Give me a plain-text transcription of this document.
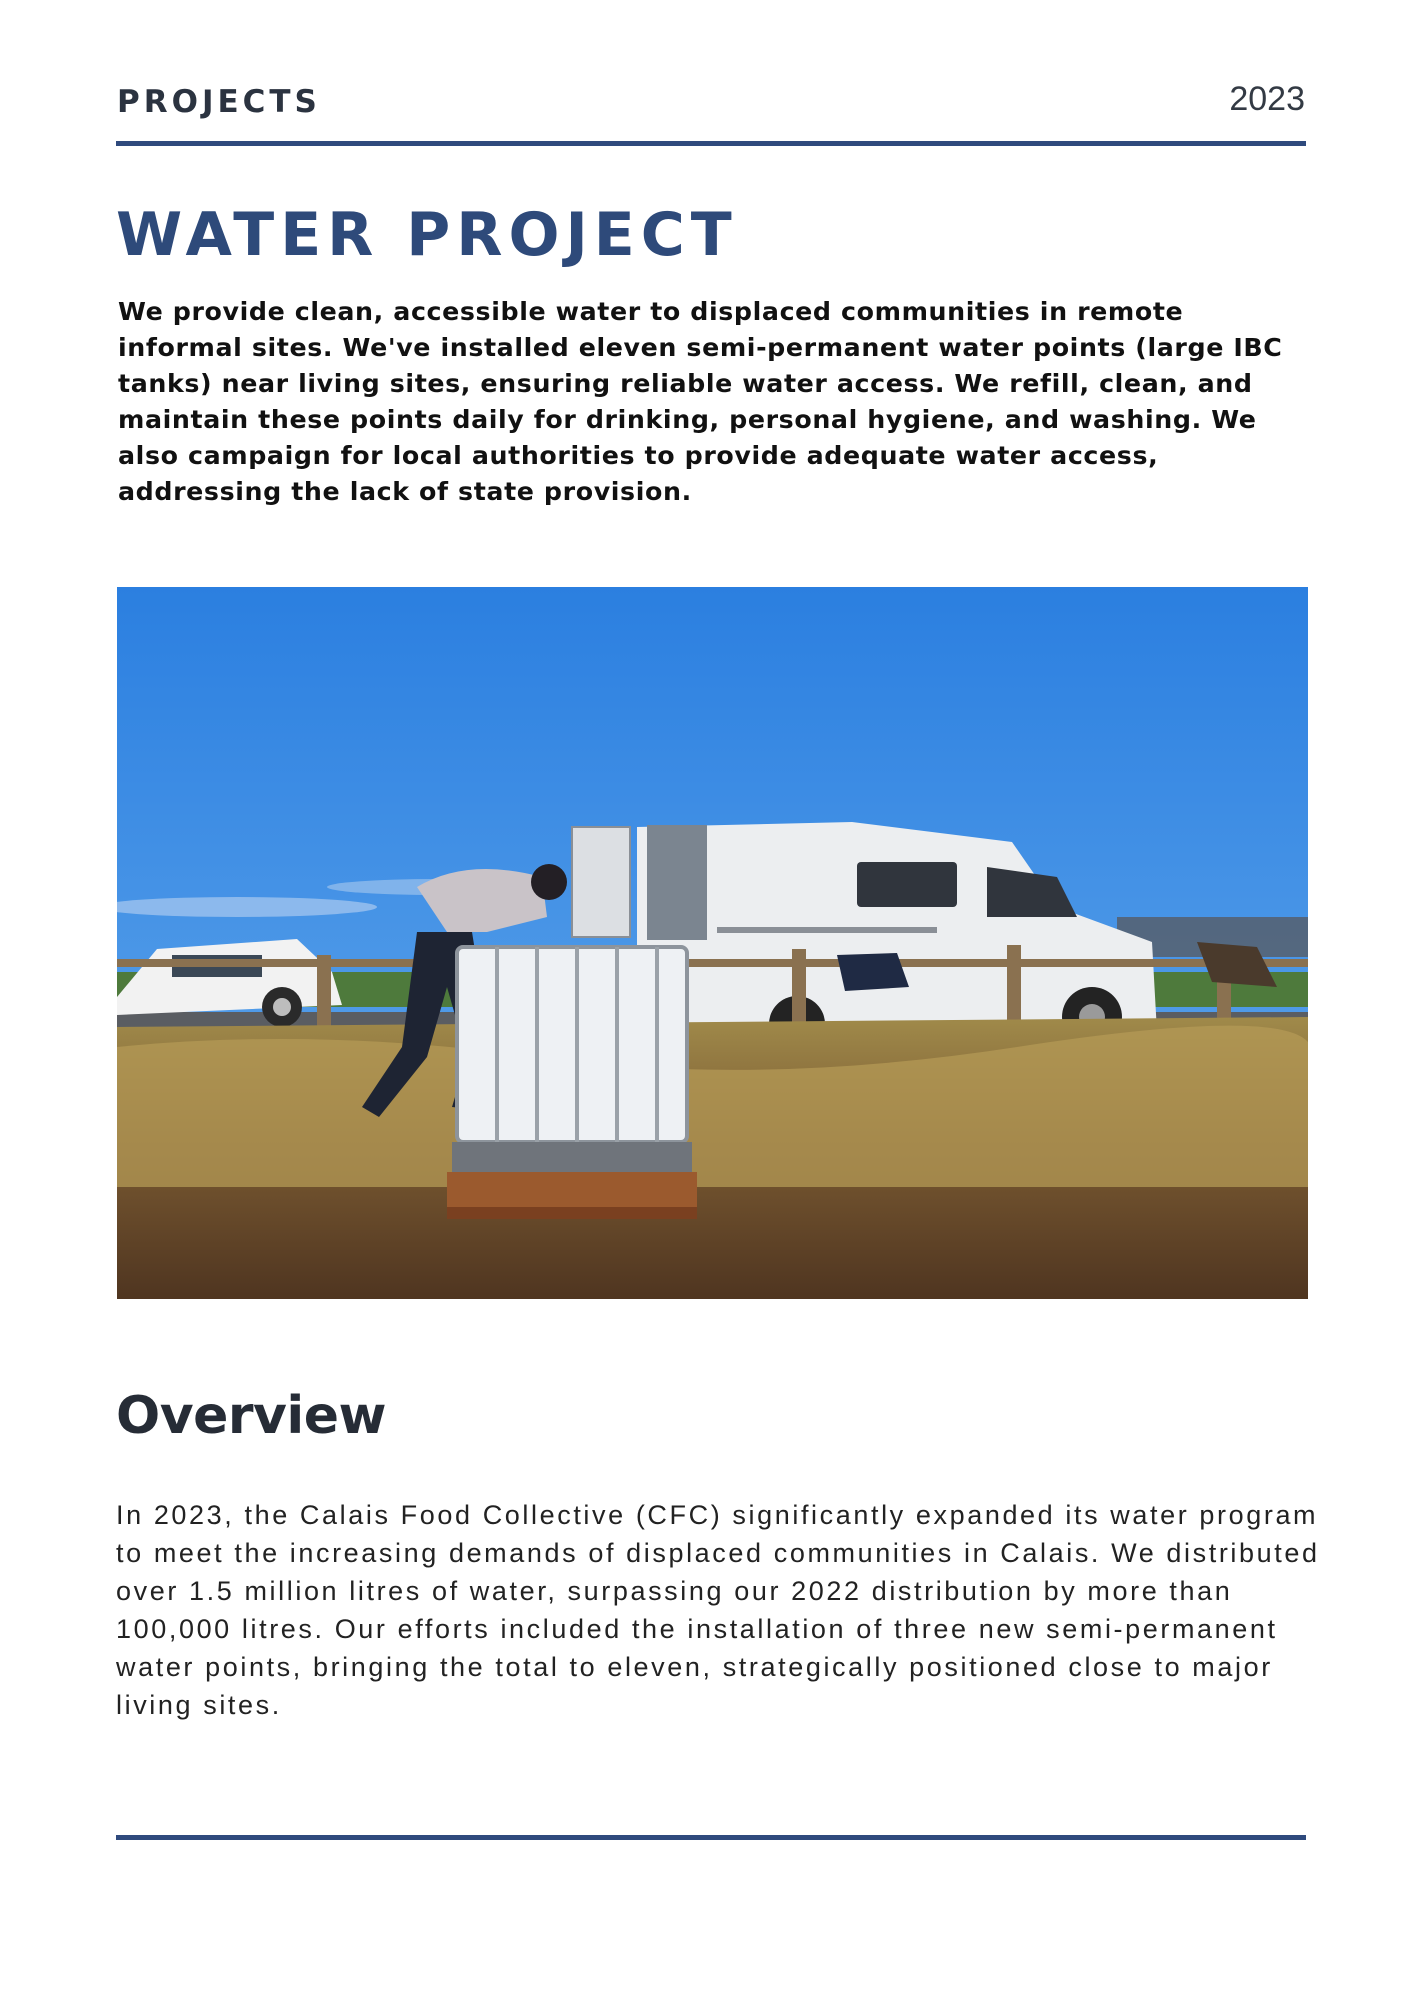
PROJECTS	2023
WATER PROJECT

We provide clean, accessible water to displaced communities in remote informal sites. We've installed eleven semi-permanent water points (large IBC tanks) near living sites, ensuring reliable water access. We refill, clean, and maintain these points daily for drinking, personal hygiene, and washing. We also campaign for local authorities to provide adequate water access, addressing the lack of state provision.

Overview

In 2023, the Calais Food Collective (CFC) significantly expanded its water program to meet the increasing demands of displaced communities in Calais. We distributed over 1.5 million litres of water, surpassing our 2022 distribution by more than 100,000 litres. Our efforts included the installation of three new semi-permanent water points, bringing the total to eleven, strategically positioned close to major living sites.
